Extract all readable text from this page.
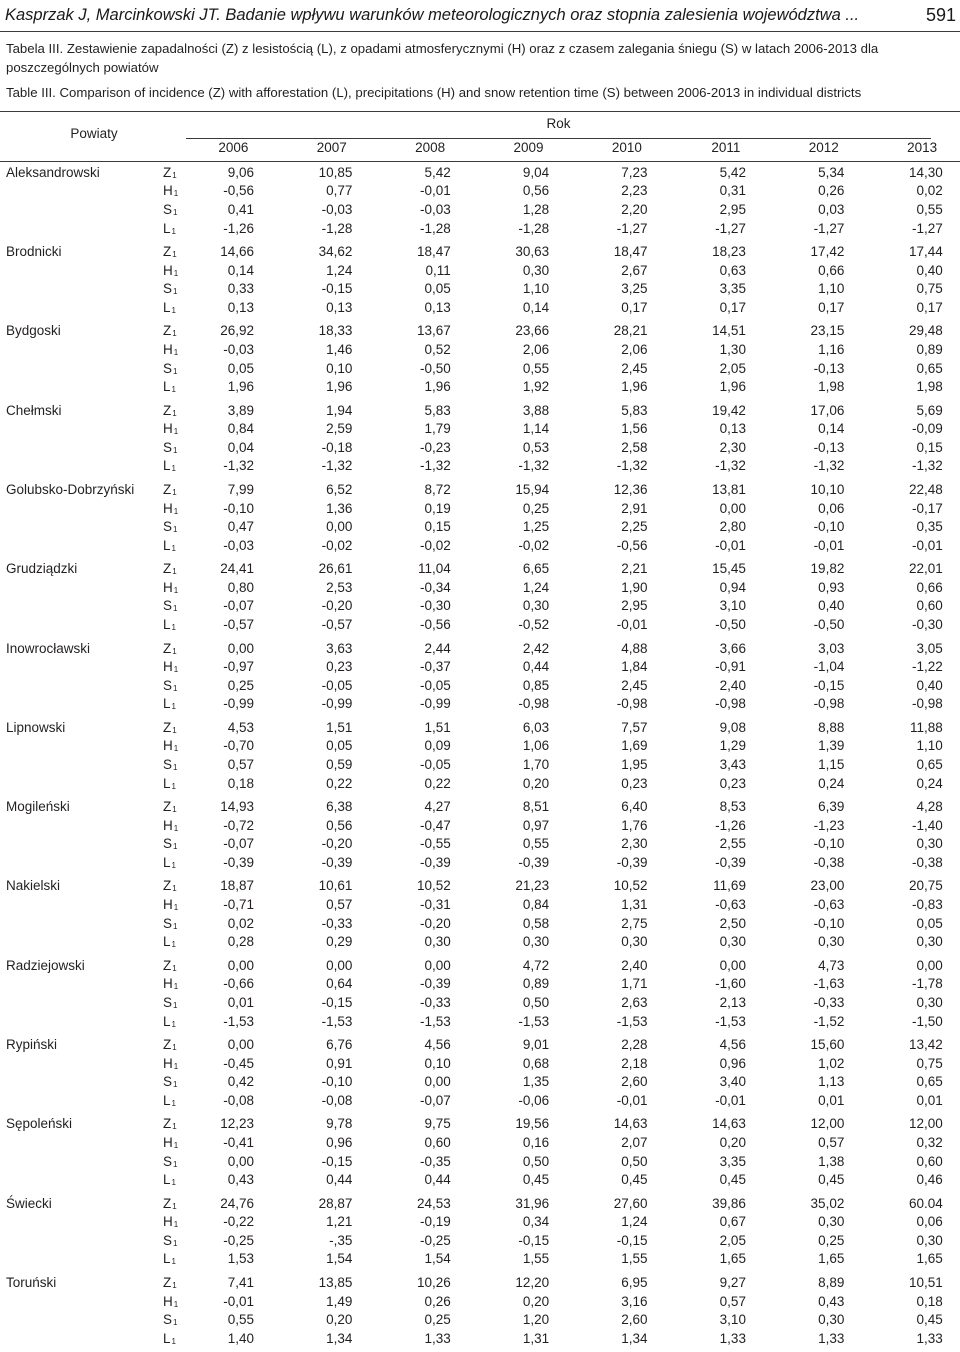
Kasprzak J, Marcinkowski JT. Badanie wpływu warunków meteorologicznych oraz stopnia zalesienia województwa ...	591
Tabela III. Zestawienie zapadalności (Z) z lesistością (L), z opadami atmosferycznymi (H) oraz z czasem zalegania śniegu (S) w latach 2006-2013 dla poszczególnych powiatów
Table III. Comparison of incidence (Z) with afforestation (L), precipitations (H) and snow retention time (S) between 2006-2013 in individual districts
Powiaty
Rok
2006	2007	2008	2009	2010	2011	2012	2013
Aleksandrowski	$Z_1$	9,06	10,85	5,42	9,04	7,23	5,42	5,34	14,30
$H_1$	-0,56	0,77	-0,01	0,56	2,23	0,31	0,26	0,02
$S_1$	0,41	-0,03	-0,03	1,28	2,20	2,95	0,03	0,55
$L_1$	-1,26	-1,28	-1,28	-1,28	-1,27	-1,27	-1,27	-1,27
Brodnicki	$Z_1$	14,66	34,62	18,47	30,63	18,47	18,23	17,42	17,44
$H_1$	0,14	1,24	0,11	0,30	2,67	0,63	0,66	0,40
$S_1$	0,33	-0,15	0,05	1,10	3,25	3,35	1,10	0,75
$L_1$	0,13	0,13	0,13	0,14	0,17	0,17	0,17	0,17
Bydgoski	$Z_1$	26,92	18,33	13,67	23,66	28,21	14,51	23,15	29,48
$H_1$	-0,03	1,46	0,52	2,06	2,06	1,30	1,16	0,89
$S_1$	0,05	0,10	-0,50	0,55	2,45	2,05	-0,13	0,65
$L_1$	1,96	1,96	1,96	1,92	1,96	1,96	1,98	1,98
Chełmski	$Z_1$	3,89	1,94	5,83	3,88	5,83	19,42	17,06	5,69
$H_1$	0,84	2,59	1,79	1,14	1,56	0,13	0,14	-0,09
$S_1$	0,04	-0,18	-0,23	0,53	2,58	2,30	-0,13	0,15
$L_1$	-1,32	-1,32	-1,32	-1,32	-1,32	-1,32	-1,32	-1,32
Golubsko-Dobrzyński	$Z_1$	7,99	6,52	8,72	15,94	12,36	13,81	10,10	22,48
$H_1$	-0,10	1,36	0,19	0,25	2,91	0,00	0,06	-0,17
$S_1$	0,47	0,00	0,15	1,25	2,25	2,80	-0,10	0,35
$L_1$	-0,03	-0,02	-0,02	-0,02	-0,56	-0,01	-0,01	-0,01
Grudziądzki	$Z_1$	24,41	26,61	11,04	6,65	2,21	15,45	19,82	22,01
$H_1$	0,80	2,53	-0,34	1,24	1,90	0,94	0,93	0,66
$S_1$	-0,07	-0,20	-0,30	0,30	2,95	3,10	0,40	0,60
$L_1$	-0,57	-0,57	-0,56	-0,52	-0,01	-0,50	-0,50	-0,30
Inowrocławski	$Z_1$	0,00	3,63	2,44	2,42	4,88	3,66	3,03	3,05
$H_1$	-0,97	0,23	-0,37	0,44	1,84	-0,91	-1,04	-1,22
$S_1$	0,25	-0,05	-0,05	0,85	2,45	2,40	-0,15	0,40
$L_1$	-0,99	-0,99	-0,99	-0,98	-0,98	-0,98	-0,98	-0,98
Lipnowski	$Z_1$	4,53	1,51	1,51	6,03	7,57	9,08	8,88	11,88
$H_1$	-0,70	0,05	0,09	1,06	1,69	1,29	1,39	1,10
$S_1$	0,57	0,59	-0,05	1,70	1,95	3,43	1,15	0,65
$L_1$	0,18	0,22	0,22	0,20	0,23	0,23	0,24	0,24
Mogileński	$Z_1$	14,93	6,38	4,27	8,51	6,40	8,53	6,39	4,28
$H_1$	-0,72	0,56	-0,47	0,97	1,76	-1,26	-1,23	-1,40
$S_1$	-0,07	-0,20	-0,55	0,55	2,30	2,55	-0,10	0,30
$L_1$	-0,39	-0,39	-0,39	-0,39	-0,39	-0,39	-0,38	-0,38
Nakielski	$Z_1$	18,87	10,61	10,52	21,23	10,52	11,69	23,00	20,75
$H_1$	-0,71	0,57	-0,31	0,84	1,31	-0,63	-0,63	-0,83
$S_1$	0,02	-0,33	-0,20	0,58	2,75	2,50	-0,10	0,05
$L_1$	0,28	0,29	0,30	0,30	0,30	0,30	0,30	0,30
Radziejowski	$Z_1$	0,00	0,00	0,00	4,72	2,40	0,00	4,73	0,00
$H_1$	-0,66	0,64	-0,39	0,89	1,71	-1,60	-1,63	-1,78
$S_1$	0,01	-0,15	-0,33	0,50	2,63	2,13	-0,33	0,30
$L_1$	-1,53	-1,53	-1,53	-1,53	-1,53	-1,53	-1,52	-1,50
Rypiński	$Z_1$	0,00	6,76	4,56	9,01	2,28	4,56	15,60	13,42
$H_1$	-0,45	0,91	0,10	0,68	2,18	0,96	1,02	0,75
$S_1$	0,42	-0,10	0,00	1,35	2,60	3,40	1,13	0,65
$L_1$	-0,08	-0,08	-0,07	-0,06	-0,01	-0,01	0,01	0,01
Sępoleński	$Z_1$	12,23	9,78	9,75	19,56	14,63	14,63	12,00	12,00
$H_1$	-0,41	0,96	0,60	0,16	2,07	0,20	0,57	0,32
$S_1$	0,00	-0,15	-0,35	0,50	0,50	3,35	1,38	0,60
$L_1$	0,43	0,44	0,44	0,45	0,45	0,45	0,45	0,46
Świecki	$Z_1$	24,76	28,87	24,53	31,96	27,60	39,86	35,02	60.04
$H_1$	-0,22	1,21	-0,19	0,34	1,24	0,67	0,30	0,06
$S_1$	-0,25	-,35	-0,25	-0,15	-0,15	2,05	0,25	0,30
$L_1$	1,53	1,54	1,54	1,55	1,55	1,65	1,65	1,65
Toruński	$Z_1$	7,41	13,85	10,26	12,20	6,95	9,27	8,89	10,51
$H_1$	-0,01	1,49	0,26	0,20	3,16	0,57	0,43	0,18
$S_1$	0,55	0,20	0,25	1,20	2,60	3,10	0,30	0,45
$L_1$	1,40	1,34	1,33	1,31	1,34	1,33	1,33	1,33
